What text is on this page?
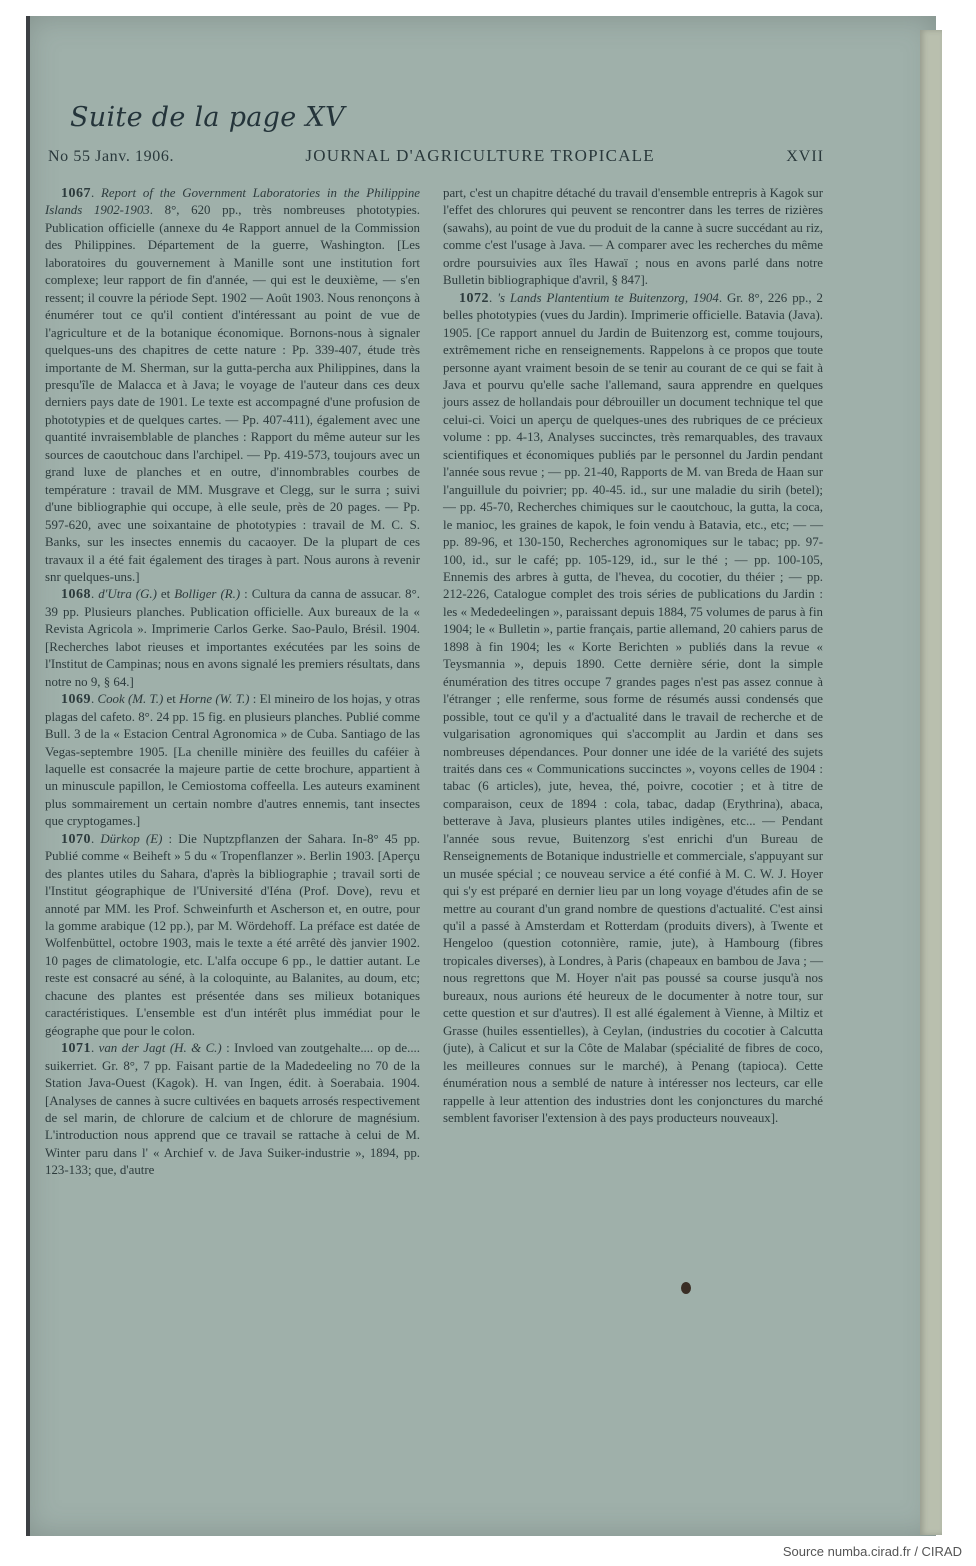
Suite de la page XV
No 55 Janv. 1906.	JOURNAL D'AGRICULTURE TROPICALE	XVII

1067. Report of the Government Laboratories in the Philippine Islands 1902-1903. 8°, 620 pp., très nombreuses phototypies. Publication officielle (annexe du 4e Rapport annuel de la Commission des Philippines. Département de la guerre, Washington. [Les laboratoires du gouvernement à Manille sont une institution fort complexe; leur rapport de fin d'année, — qui est le deuxième, — s'en ressent; il couvre la période Sept. 1902 — Août 1903. Nous renonçons à énumérer tout ce qu'il contient d'intéressant au point de vue de l'agriculture et de la botanique économique. Bornons-nous à signaler quelques-uns des chapitres de cette nature : Pp. 339-407, étude très importante de M. Sherman, sur la gutta-percha aux Philippines, dans la presqu'île de Malacca et à Java; le voyage de l'auteur dans ces deux derniers pays date de 1901. Le texte est accompagné d'une profusion de phototypies et de quelques cartes. — Pp. 407-411), également avec une quantité invraisemblable de planches : Rapport du même auteur sur les sources de caoutchouc dans l'archipel. — Pp. 419-573, toujours avec un grand luxe de planches et en outre, d'innombrables courbes de température : travail de MM. Musgrave et Clegg, sur le surra ; suivi d'une bibliographie qui occupe, à elle seule, près de 20 pages. — Pp. 597-620, avec une soixantaine de phototypies : travail de M. C. S. Banks, sur les insectes ennemis du cacaoyer. De la plupart de ces travaux il a été fait également des tirages à part. Nous aurons à revenir snr quelques-uns.]

1068. d'Utra (G.) et Bolliger (R.) : Cultura da canna de assucar. 8°. 39 pp. Plusieurs planches. Publication officielle. Aux bureaux de la « Revista Agricola ». Imprimerie Carlos Gerke. Sao-Paulo, Brésil. 1904. [Recherches labot rieuses et importantes exécutées par les soins de l'Institut de Campinas; nous en avons signalé les premiers résultats, dans notre no 9, § 64.]

1069. Cook (M. T.) et Horne (W. T.) : El mineiro de los hojas, y otras plagas del cafeto. 8°. 24 pp. 15 fig. en plusieurs planches. Publié comme Bull. 3 de la « Estacion Central Agronomica » de Cuba. Santiago de las Vegas-septembre 1905. [La chenille minière des feuilles du caféier à laquelle est consacrée la majeure partie de cette brochure, appartient à un minuscule papillon, le Cemiostoma coffeella. Les auteurs examinent plus sommairement un certain nombre d'autres ennemis, tant insectes que cryptogames.]

1070. Dürkop (E) : Die Nuptzpflanzen der Sahara. In-8° 45 pp. Publié comme « Beiheft » 5 du « Tropenflanzer ». Berlin 1903. [Aperçu des plantes utiles du Sahara, d'après la bibliographie ; travail sorti de l'Institut géographique de l'Université d'Iéna (Prof. Dove), revu et annoté par MM. les Prof. Schweinfurth et Ascherson et, en outre, pour la gomme arabique (12 pp.), par M. Wördehoff. La préface est datée de Wolfenbüttel, octobre 1903, mais le texte a été arrêté dès janvier 1902. 10 pages de climatologie, etc. L'alfa occupe 6 pp., le dattier autant. Le reste est consacré au séné, à la coloquinte, au Balanites, au doum, etc; chacune des plantes est présentée dans ses milieux botaniques caractéristiques. L'ensemble est d'un intérêt plus immédiat pour le géographe que pour le colon.

1071. van der Jagt (H. & C.) : Invloed van zoutgehalte.... op de.... suikerriet. Gr. 8°, 7 pp. Faisant partie de la Madedeeling no 70 de la Station Java-Ouest (Kagok). H. van Ingen, édit. à Soerabaia. 1904. [Analyses de cannes à sucre cultivées en baquets arrosés respectivement de sel marin, de chlorure de calcium et de chlorure de magnésium. L'introduction nous apprend que ce travail se rattache à celui de M. Winter paru dans l' « Archief v. de Java Suiker-industrie », 1894, pp. 123-133; que, d'autre

part, c'est un chapitre détaché du travail d'ensemble entrepris à Kagok sur l'effet des chlorures qui peuvent se rencontrer dans les terres de rizières (sawahs), au point de vue du produit de la canne à sucre succédant au riz, comme c'est l'usage à Java. — A comparer avec les recherches du même ordre poursuivies aux îles Hawaï ; nous en avons parlé dans notre Bulletin bibliographique d'avril, § 847].

1072. 's Lands Plantentium te Buitenzorg, 1904. Gr. 8°, 226 pp., 2 belles phototypies (vues du Jardin). Imprimerie officielle. Batavia (Java). 1905. [Ce rapport annuel du Jardin de Buitenzorg est, comme toujours, extrêmement riche en renseignements. Rappelons à ce propos que toute personne ayant vraiment besoin de se tenir au courant de ce qui se fait à Java et pourvu qu'elle sache l'allemand, saura apprendre en quelques jours assez de hollandais pour débrouiller un document technique tel que celui-ci. Voici un aperçu de quelques-unes des rubriques de ce précieux volume : pp. 4-13, Analyses succinctes, très remarquables, des travaux scientifiques et économiques publiés par le personnel du Jardin pendant l'année sous revue ; — pp. 21-40, Rapports de M. van Breda de Haan sur l'anguillule du poivrier; pp. 40-45. id., sur une maladie du sirih (betel); — pp. 45-70, Recherches chimiques sur le caoutchouc, la gutta, la coca, le manioc, les graines de kapok, le foin vendu à Batavia, etc., etc; — — pp. 89-96, et 130-150, Recherches agronomiques sur le tabac; pp. 97-100, id., sur le café; pp. 105-129, id., sur le thé ; — pp. 100-105, Ennemis des arbres à gutta, de l'hevea, du cocotier, du théier ; — pp. 212-226, Catalogue complet des trois séries de publications du Jardin : les « Mededeelingen », paraissant depuis 1884, 75 volumes de parus à fin 1904; le « Bulletin », partie français, partie allemand, 20 cahiers parus de 1898 à fin 1904; les « Korte Berichten » publiés dans la revue « Teysmannia », depuis 1890. Cette dernière série, dont la simple énumération des titres occupe 7 grandes pages n'est pas assez connue à l'étranger ; elle renferme, sous forme de résumés aussi condensés que possible, tout ce qu'il y a d'actualité dans le travail de recherche et de vulgarisation agronomiques qui s'accomplit au Jardin et dans ses nombreuses dépendances. Pour donner une idée de la variété des sujets traités dans ces « Communications succinctes », voyons celles de 1904 : tabac (6 articles), jute, hevea, thé, poivre, cocotier ; et à titre de comparaison, ceux de 1894 : cola, tabac, dadap (Erythrina), abaca, betterave à Java, plusieurs plantes utiles indigènes, etc... — Pendant l'année sous revue, Buitenzorg s'est enrichi d'un Bureau de Renseignements de Botanique industrielle et commerciale, s'appuyant sur un musée spécial ; ce nouveau service a été confié à M. C. W. J. Hoyer qui s'y est préparé en dernier lieu par un long voyage d'études afin de se mettre au courant d'un grand nombre de questions d'actualité. C'est ainsi qu'il a passé à Amsterdam et Rotterdam (produits divers), à Twente et Hengeloo (question cotonnière, ramie, jute), à Hambourg (fibres tropicales diverses), à Londres, à Paris (chapeaux en bambou de Java ; — nous regrettons que M. Hoyer n'ait pas poussé sa course jusqu'à nos bureaux, nous aurions été heureux de le documenter à notre tour, sur cette question et sur d'autres). Il est allé également à Vienne, à Miltiz et Grasse (huiles essentielles), à Ceylan, (industries du cocotier à Calcutta (jute), à Calicut et sur la Côte de Malabar (spécialité de fibres de coco, les meilleures connues sur le marché), à Penang (tapioca). Cette énumération nous a semblé de nature à intéresser nos lecteurs, car elle rappelle à leur attention des industries dont les conjonctures du marché semblent favoriser l'extension à des pays producteurs nouveaux].

Source numba.cirad.fr / CIRAD
